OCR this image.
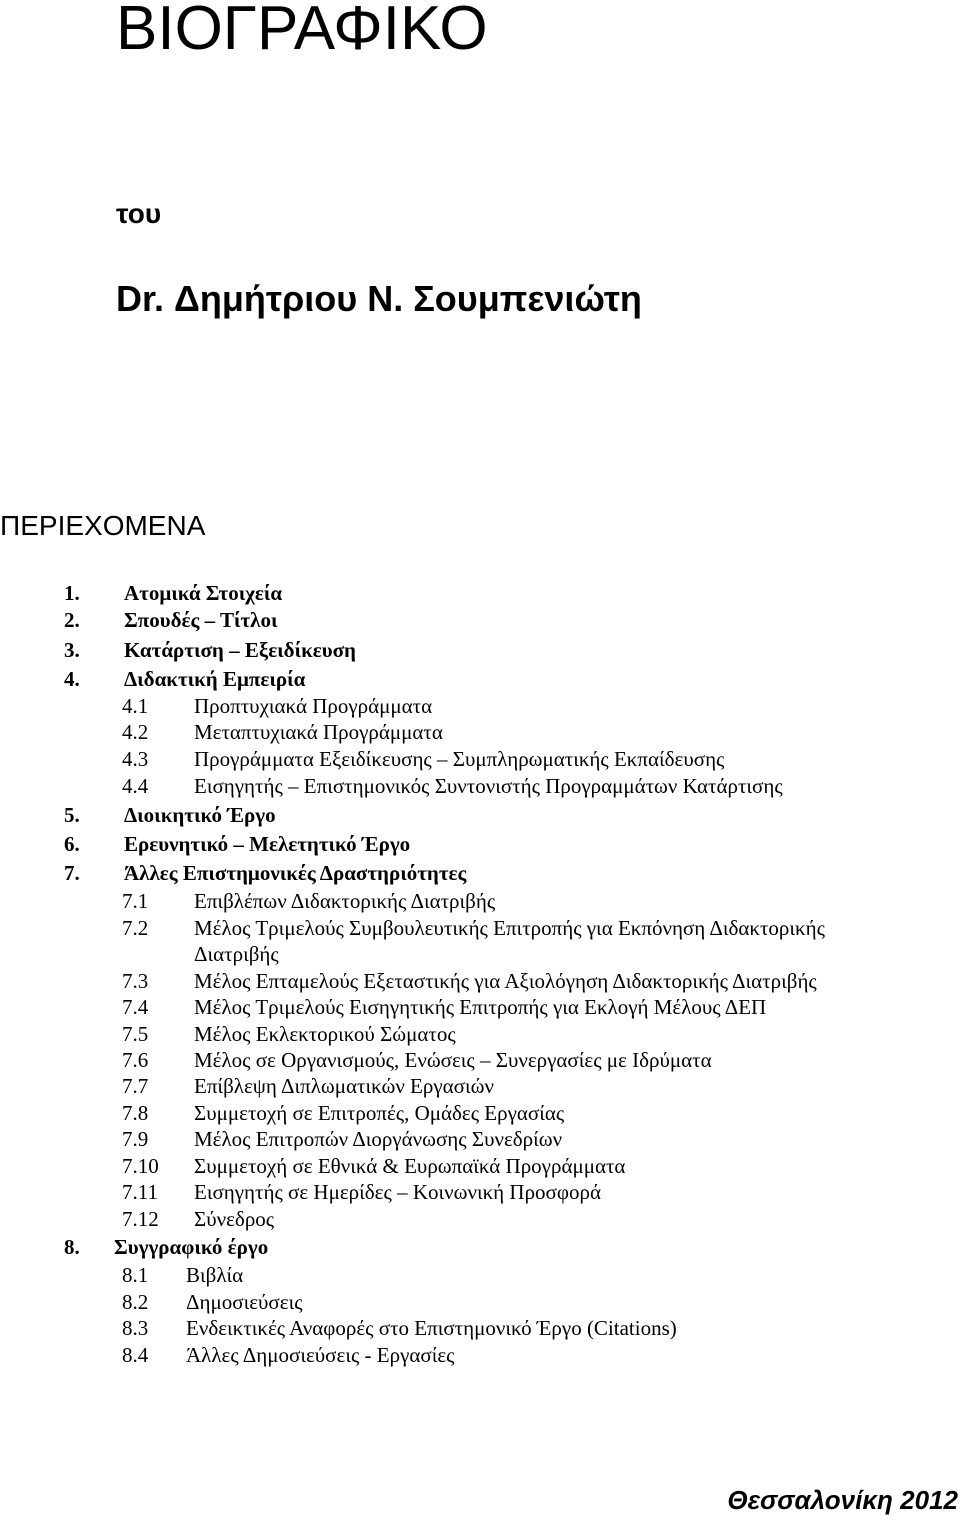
ΒΙΟΓΡΑΦΙΚΟ
του
Dr. Δημήτριου Ν. Σουμπενιώτη
ΠΕΡΙΕΧΟΜΕΝΑ
1. Ατομικά Στοιχεία
2. Σπουδές – Τίτλοι
3. Κατάρτιση – Εξειδίκευση
4. Διδακτική Εμπειρία
4.1 Προπτυχιακά Προγράμματα
4.2 Μεταπτυχιακά Προγράμματα
4.3 Προγράμματα Εξειδίκευσης – Συμπληρωματικής Εκπαίδευσης
4.4 Εισηγητής – Επιστημονικός Συντονιστής Προγραμμάτων Κατάρτισης
5. Διοικητικό Έργο
6. Ερευνητικό – Μελετητικό Έργο
7. Άλλες Επιστημονικές Δραστηριότητες
7.1 Επιβλέπων Διδακτορικής Διατριβής
7.2 Μέλος Τριμελούς Συμβουλευτικής Επιτροπής για Εκπόνηση Διδακτορικής
Διατριβής
7.3 Μέλος Επταμελούς Εξεταστικής για Αξιολόγηση Διδακτορικής Διατριβής
7.4 Μέλος Τριμελούς Εισηγητικής Επιτροπής για Εκλογή Μέλους ΔΕΠ
7.5 Μέλος Εκλεκτορικού Σώματος
7.6 Μέλος σε Οργανισμούς, Ενώσεις – Συνεργασίες με Ιδρύματα
7.7 Επίβλεψη Διπλωματικών Εργασιών
7.8 Συμμετοχή σε Επιτροπές, Ομάδες Εργασίας
7.9 Μέλος Επιτροπών Διοργάνωσης Συνεδρίων
7.10 Συμμετοχή σε Εθνικά & Ευρωπαϊκά Προγράμματα
7.11 Εισηγητής σε Ημερίδες – Κοινωνική Προσφορά
7.12 Σύνεδρος
8. Συγγραφικό έργο
8.1 Βιβλία
8.2 Δημοσιεύσεις
8.3 Ενδεικτικές Αναφορές στο Επιστημονικό Έργο (Citations)
8.4 Άλλες Δημοσιεύσεις - Εργασίες
Θεσσαλονίκη 2012
